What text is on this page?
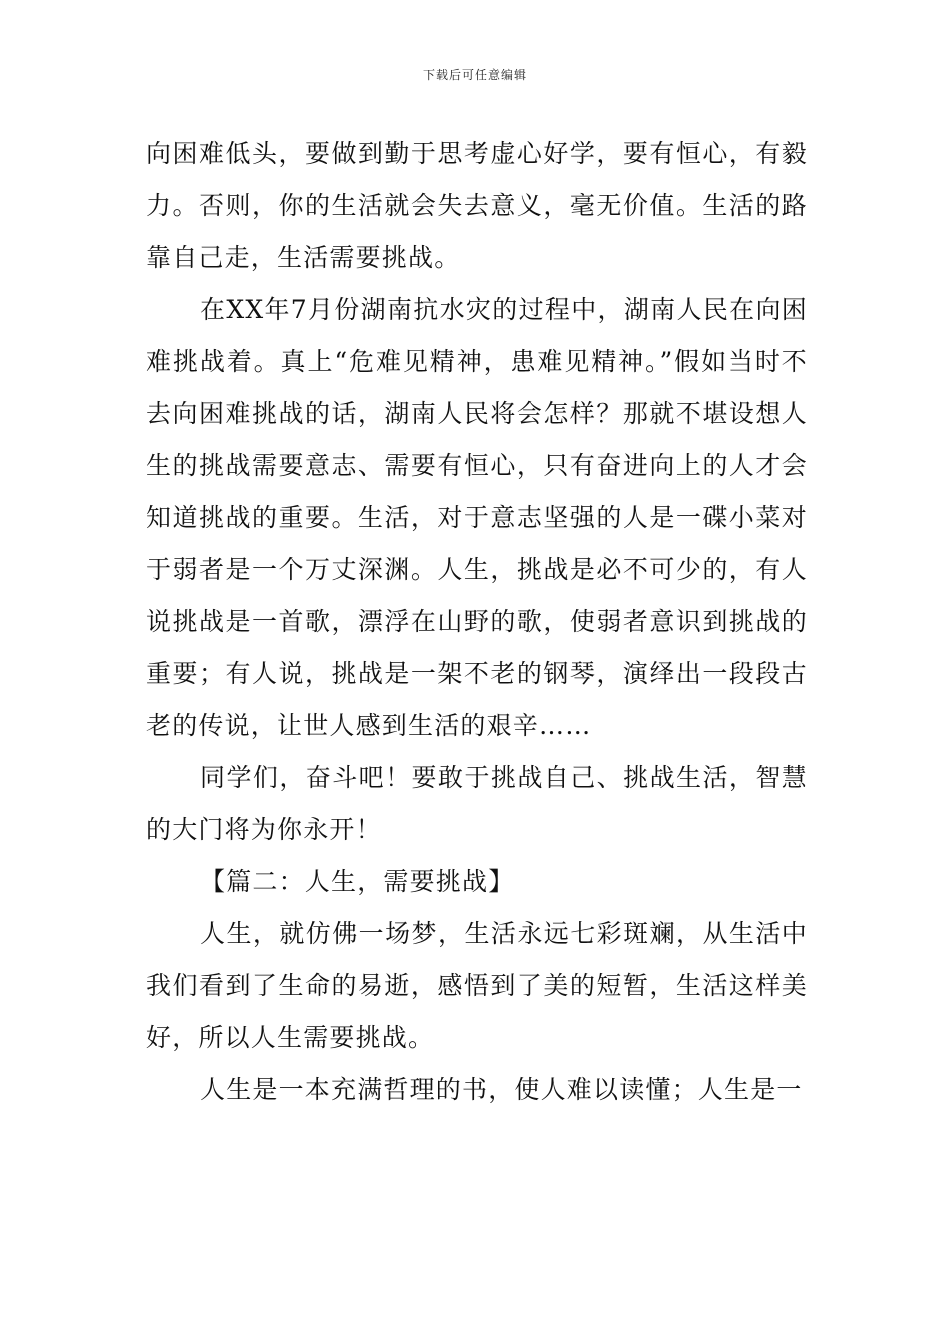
下载后可任意编辑

向困难低头，要做到勤于思考虚心好学，要有恒心，有毅力。否则，你的生活就会失去意义，毫无价值。生活的路靠自己走，生活需要挑战。

在XX年7月份湖南抗水灾的过程中，湖南人民在向困难挑战着。真上“危难见精神，患难见精神。”假如当时不去向困难挑战的话，湖南人民将会怎样？那就不堪设想人生的挑战需要意志、需要有恒心，只有奋进向上的人才会知道挑战的重要。生活，对于意志坚强的人是一碟小菜对于弱者是一个万丈深渊。人生，挑战是必不可少的，有人说挑战是一首歌，漂浮在山野的歌，使弱者意识到挑战的重要；有人说，挑战是一架不老的钢琴，演绎出一段段古老的传说，让世人感到生活的艰辛……

同学们，奋斗吧！要敢于挑战自己、挑战生活，智慧的大门将为你永开！

【篇二：人生，需要挑战】

人生，就仿佛一场梦，生活永远七彩斑斓，从生活中我们看到了生命的易逝，感悟到了美的短暂，生活这样美好，所以人生需要挑战。

人生是一本充满哲理的书，使人难以读懂；人生是一
